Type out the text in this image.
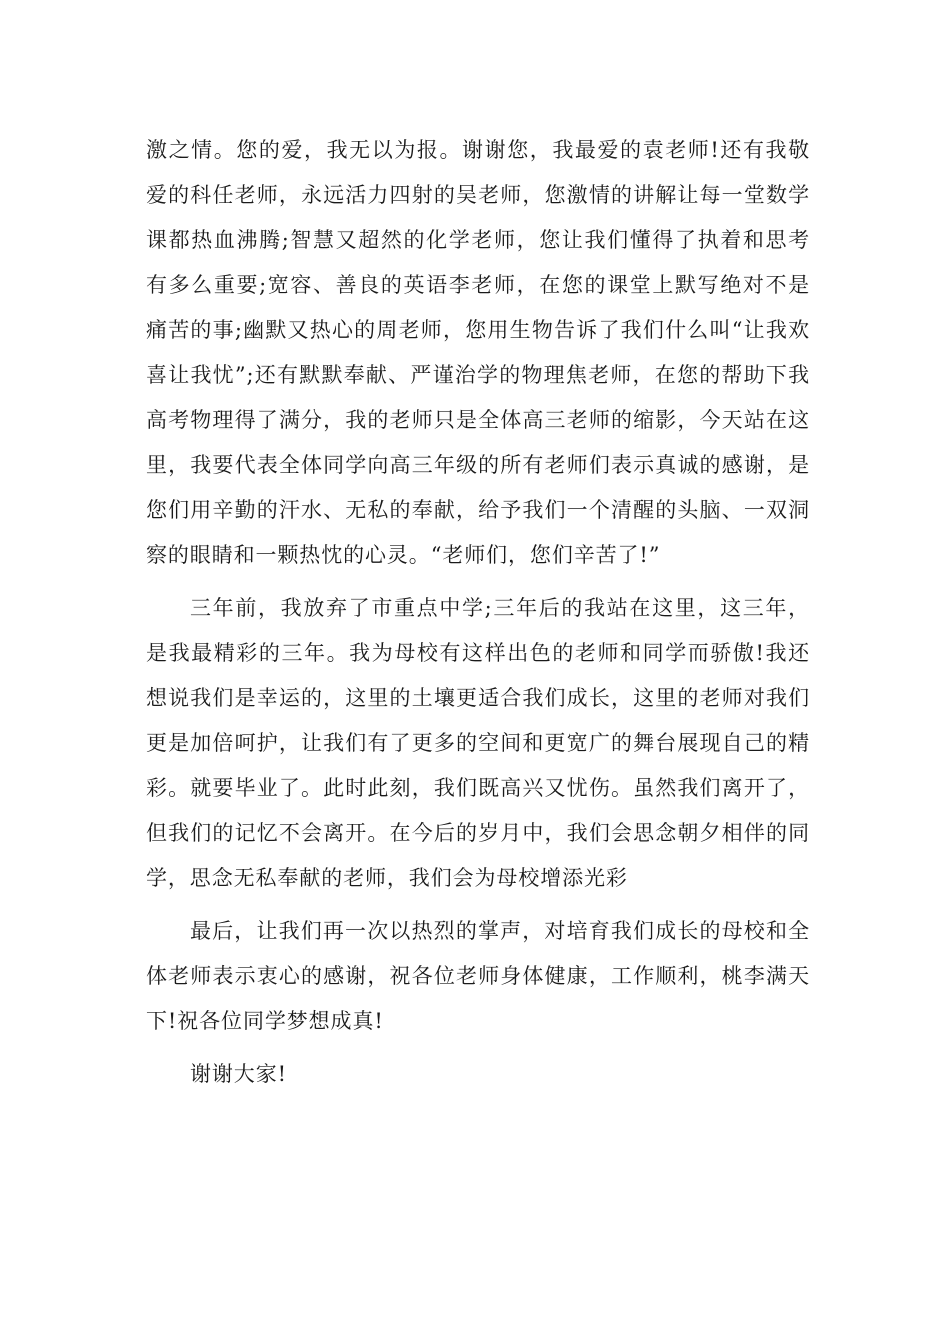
激之情。您的爱，我无以为报。谢谢您，我最爱的袁老师!还有我敬爱的科任老师，永远活力四射的吴老师，您激情的讲解让每一堂数学课都热血沸腾;智慧又超然的化学老师，您让我们懂得了执着和思考有多么重要;宽容、善良的英语李老师，在您的课堂上默写绝对不是痛苦的事;幽默又热心的周老师，您用生物告诉了我们什么叫“让我欢喜让我忧”;还有默默奉献、严谨治学的物理焦老师，在您的帮助下我高考物理得了满分，我的老师只是全体高三老师的缩影，今天站在这里，我要代表全体同学向高三年级的所有老师们表示真诚的感谢，是您们用辛勤的汗水、无私的奉献，给予我们一个清醒的头脑、一双洞察的眼睛和一颗热忱的心灵。“老师们，您们辛苦了!”

三年前，我放弃了市重点中学;三年后的我站在这里，这三年，是我最精彩的三年。我为母校有这样出色的老师和同学而骄傲!我还想说我们是幸运的，这里的土壤更适合我们成长，这里的老师对我们更是加倍呵护，让我们有了更多的空间和更宽广的舞台展现自己的精彩。就要毕业了。此时此刻，我们既高兴又忧伤。虽然我们离开了，但我们的记忆不会离开。在今后的岁月中，我们会思念朝夕相伴的同学，思念无私奉献的老师，我们会为母校增添光彩

最后，让我们再一次以热烈的掌声，对培育我们成长的母校和全体老师表示衷心的感谢，祝各位老师身体健康，工作顺利，桃李满天下!祝各位同学梦想成真!

谢谢大家!
